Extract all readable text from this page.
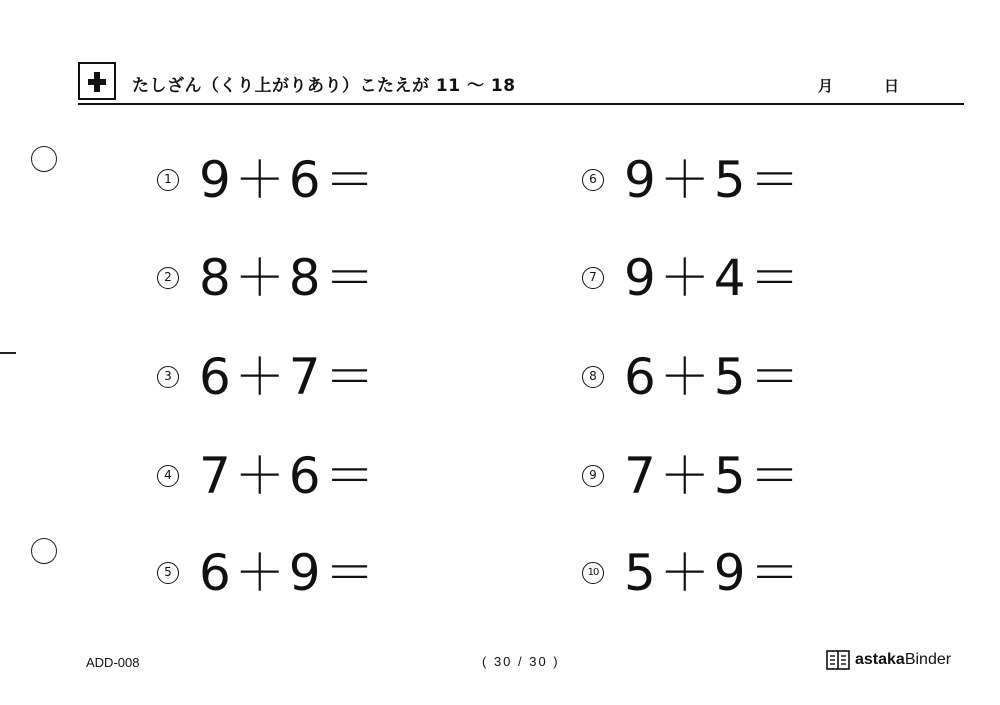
たしざん（くり上がりあり）こたえが 11 〜 18	月	日
1 9＋6＝
2 8＋8＝
3 6＋7＝
4 7＋6＝
5 6＋9＝
6 9＋5＝
7 9＋4＝
8 6＋5＝
9 7＋5＝
10 5＋9＝
ADD-008	( 30 / 30 )	astaka Binder
